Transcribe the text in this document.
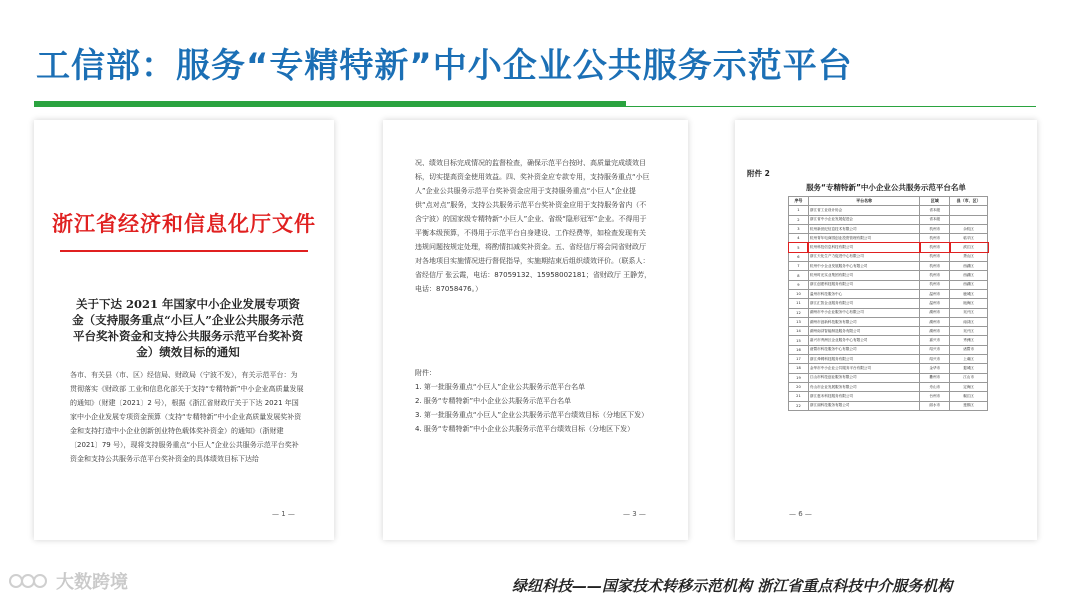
工信部：服务“专精特新”中小企业公共服务示范平台
浙江省经济和信息化厅文件
关于下达 2021 年国家中小企业发展专项资金（支持服务重点“小巨人”企业公共服务示范平台奖补资金和支持公共服务示范平台奖补资金）绩效目标的通知
各市、有关县（市、区）经信局、财政局（宁波不发），有关示范平台：为贯彻落实《财政部 工业和信息化部关于支持“专精特新”中小企业高质量发展的通知》（财建〔2021〕2 号），根据《浙江省财政厅关于下达 2021 年国家中小企业发展专项资金预算（支持“专精特新”中小企业高质量发展奖补资金和支持打造中小企业创新创业特色载体奖补资金）的通知》（浙财建〔2021〕79 号），现将支持服务重点“小巨人”企业公共服务示范平台奖补资金和支持公共服务示范平台奖补资金的具体绩效目标下达给
— 1 —
况、绩效目标完成情况的监督检查，确保示范平台按时、高质量完成绩效目标，切实提高资金使用效益。四、奖补资金应专款专用，支持服务重点“小巨人”企业公共服务示范平台奖补资金应用于支持服务重点“小巨人”企业提供“点对点”服务，支持公共服务示范平台奖补资金应用于支持服务省内（不含宁波）的国家级专精特新“小巨人”企业、省级“隐形冠军”企业。不得用于平衡本级预算，不得用于示范平台自身建设、工作经费等，如检查发现有关违规问题按规定处理，将酌情扣减奖补资金。五、省经信厅将会同省财政厅对各地项目实施情况进行督促指导，实施期结束后组织绩效评价。（联系人：省经信厅 张云霞，电话：87059132、15958002181；省财政厅 王静芳，电话：87058476。）
附件：
1. 第一批服务重点“小巨人”企业公共服务示范平台名单
2. 服务“专精特新”中小企业公共服务示范平台名单
3. 第一批服务重点“小巨人”企业公共服务示范平台绩效目标（分地区下发）
4. 服务“专精特新”中小企业公共服务示范平台绩效目标（分地区下发）
— 3 —
附件 2
服务“专精特新”中小企业公共服务示范平台名单
序号	平台名称	区域	县（市、区）
1	浙江省工业设计协会	省本级	
2	浙江省中小企业发展促进会	省本级	
3	杭州新世纪信息技术有限公司	杭州市	余杭区
4	杭州青年电商园创业投资管理有限公司	杭州市	临平区
5	杭州科技信息科技有限公司	杭州市	滨江区
6	浙江天化生产力促进中心有限公司	杭州市	萧山区
7	杭州中小企业发展服务中心有限公司	杭州市	西湖区
8	杭州时光实业集团有限公司	杭州市	西湖区
9	浙江创建科技服务有限公司	杭州市	西湖区
10	温州市科技服务中心	温州市	鹿城区
11	浙江汇智企业服务有限公司	温州市	瓯海区
12	湖州市中小企业服务中心有限公司	湖州市	吴兴区
13	湖州市创新科技服务有限公司	湖州市	南浔区
14	湖州南浔智能制造服务有限公司	湖州市	吴兴区
15	嘉兴市秀洲区企业服务中心有限公司	嘉兴市	秀洲区
16	诸暨市科技服务中心有限公司	绍兴市	诸暨市
17	浙江舜网科技服务有限公司	绍兴市	上虞区
18	金华市中小企业公共服务平台有限公司	金华市	婺城区
19	江山市科技创业服务有限公司	衢州市	江山市
20	舟山市企业发展服务有限公司	舟山市	定海区
21	浙江惠禾科技服务有限公司	台州市	椒江区
22	浙江丽科技服务有限公司	丽水市	莲都区
— 6 —
大数跨境	绿纽科技——国家技术转移示范机构 浙江省重点科技中介服务机构
